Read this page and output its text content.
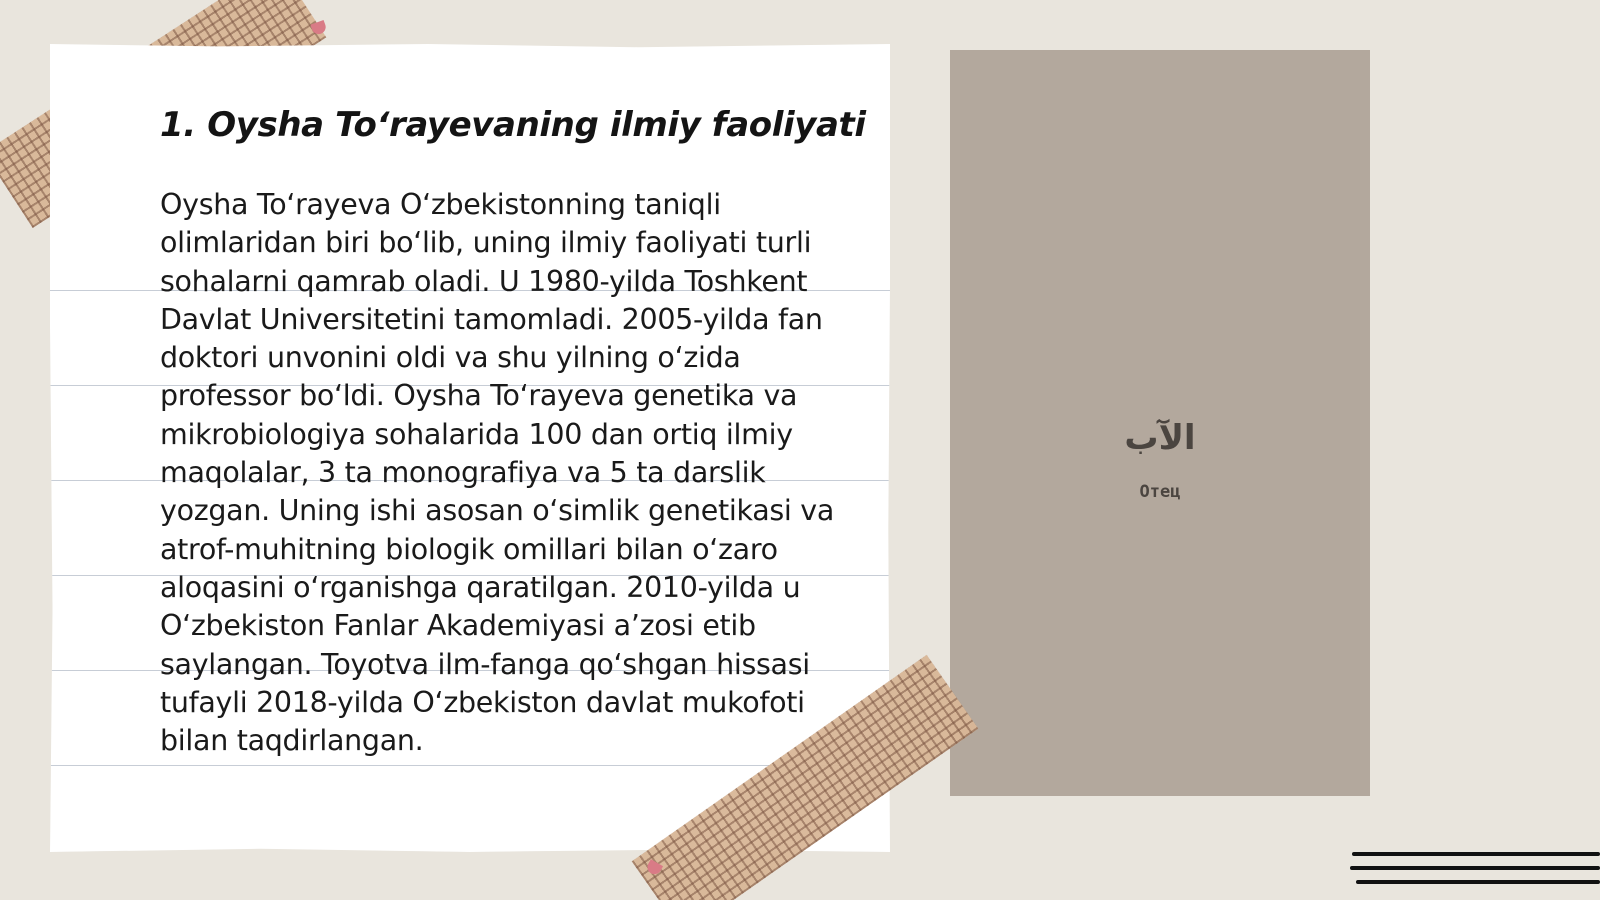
1. Oysha To‘rayevaning ilmiy faoliyati

Oysha To‘rayeva O‘zbekistonning taniqli olimlaridan biri bo‘lib, uning ilmiy faoliyati turli sohalarni qamrab oladi. U 1980-yilda Toshkent Davlat Universitetini tamomladi. 2005-yilda fan doktori unvonini oldi va shu yilning o‘zida professor bo‘ldi. Oysha To‘rayeva genetika va mikrobiologiya sohalarida 100 dan ortiq ilmiy maqolalar, 3 ta monografiya va 5 ta darslik yozgan. Uning ishi asosan o‘simlik genetikasi va atrof-muhitning biologik omillari bilan o‘zaro aloqasini o‘rganishga qaratilgan. 2010-yilda u O‘zbekiston Fanlar Akademiyasi a’zosi etib saylangan. Toyotva ilm-fanga qo‘shgan hissasi tufayli 2018-yilda O‘zbekiston davlat mukofoti bilan taqdirlangan.

الآب
Отец
